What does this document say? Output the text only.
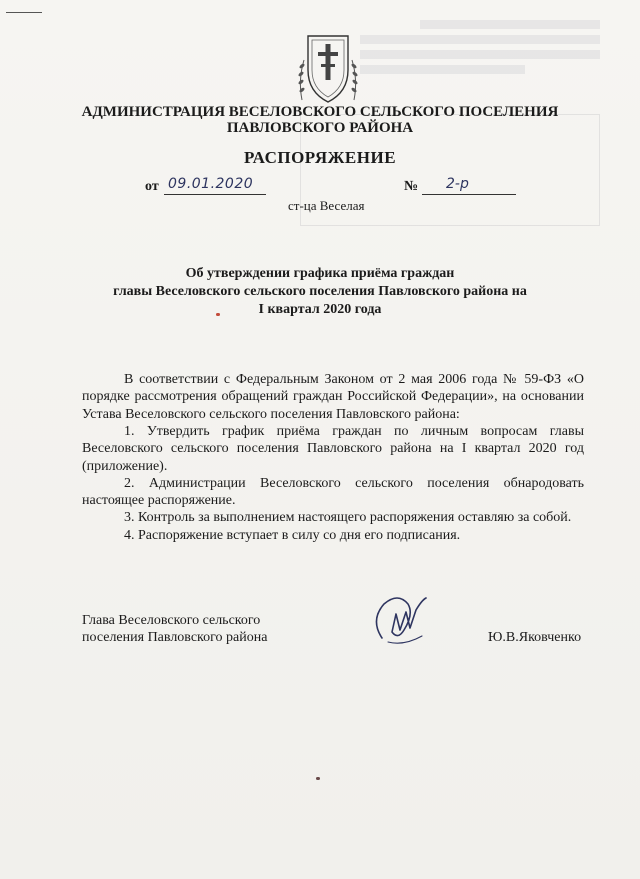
АДМИНИСТРАЦИЯ ВЕСЕЛОВСКОГО СЕЛЬСКОГО ПОСЕЛЕНИЯ
ПАВЛОВСКОГО РАЙОНА
РАСПОРЯЖЕНИЕ
от 09.01.2020	№ 2-р
ст-ца Веселая
Об утверждении графика приёма граждан
главы Веселовского сельского поселения Павловского района на
I квартал 2020 года

В соответствии с Федеральным Законом от 2 мая 2006 года № 59-ФЗ «О порядке рассмотрения обращений граждан Российской Федерации», на основании Устава Веселовского сельского поселения Павловского района:

1. Утвердить график приёма граждан по личным вопросам главы Веселовского сельского поселения Павловского района на I квартал 2020 год (приложение).

2. Администрации Веселовского сельского поселения обнародовать настоящее распоряжение.

3. Контроль за выполнением настоящего распоряжения оставляю за собой.

4. Распоряжение вступает в силу со дня его подписания.

Глава Веселовского сельского
поселения Павловского района	Ю.В.Яковченко
